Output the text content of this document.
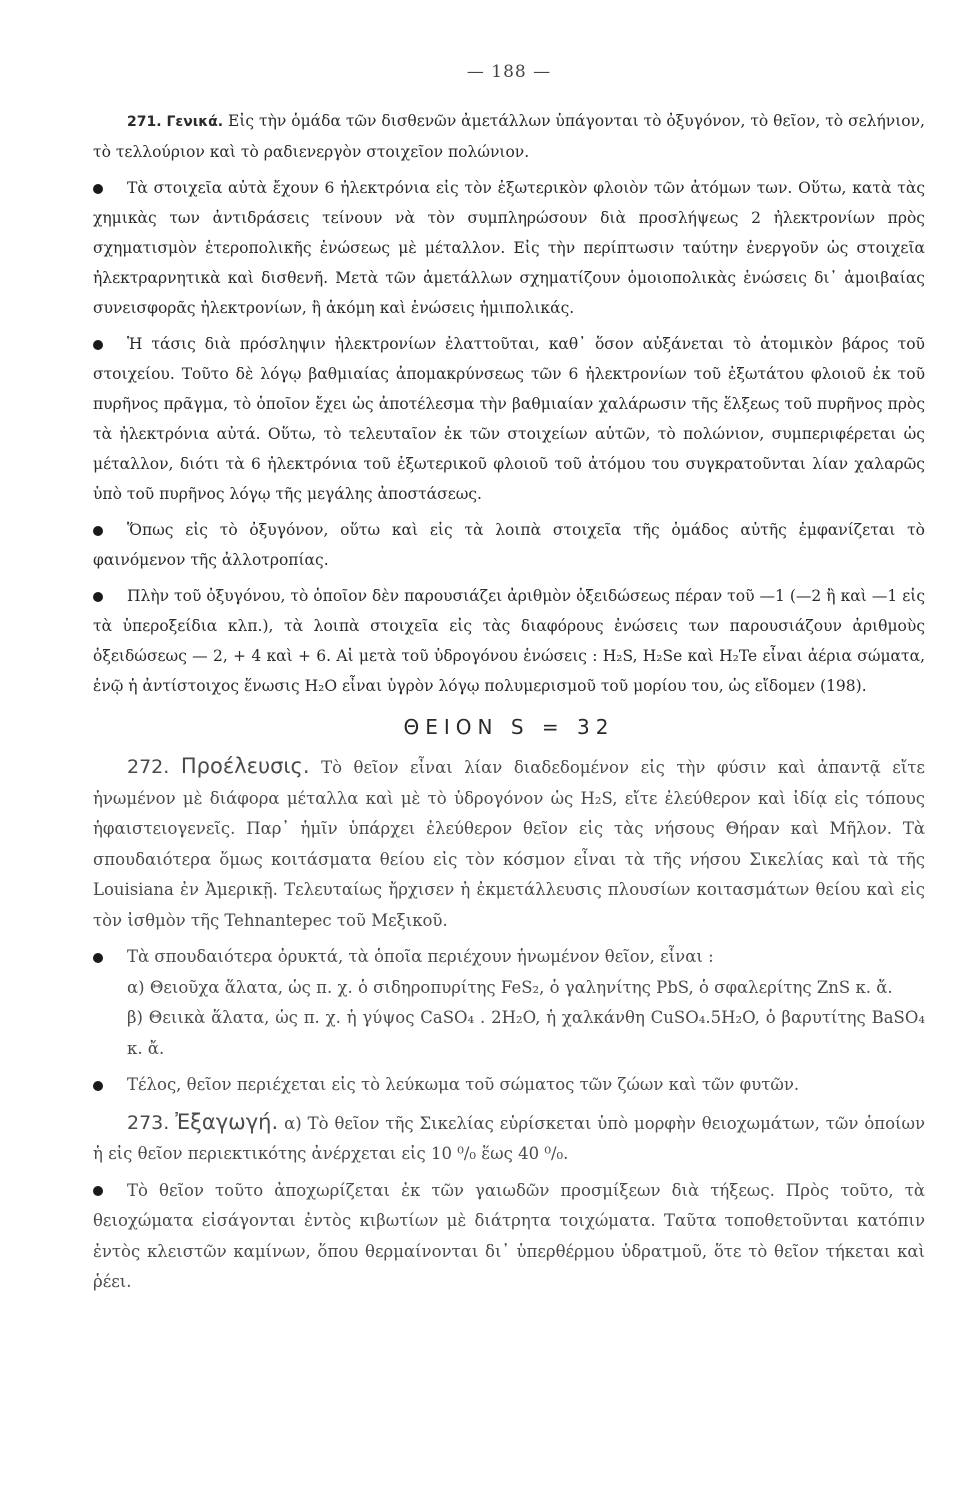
— 188 —

271. Γενικά. Εἰς τὴν ὁμάδα τῶν δισθενῶν ἀμετάλλων ὑπάγονται τὸ ὀξυγόνον, τὸ θεῖον, τὸ σελήνιον, τὸ τελλούριον καὶ τὸ ραδιενεργὸν στοιχεῖον πολώνιον.

Τὰ στοιχεῖα αὐτὰ ἔχουν 6 ἠλεκτρόνια εἰς τὸν ἐξωτερικὸν φλοιὸν τῶν ἀτόμων των. Οὕτω, κατὰ τὰς χημικὰς των ἀντιδράσεις τείνουν νὰ τὸν συμπληρώσουν διὰ προσλήψεως 2 ἠλεκτρονίων πρὸς σχηματισμὸν ἑτεροπολικῆς ἑνώσεως μὲ μέταλλον. Εἰς τὴν περίπτωσιν ταύτην ἐνεργοῦν ὡς στοιχεῖα ἠλεκτραρνητικὰ καὶ δισθενῆ. Μετὰ τῶν ἀμετάλλων σχηματίζουν ὁμοιοπολικὰς ἑνώσεις δι᾽ ἀμοιβαίας συνεισφορᾶς ἠλεκτρονίων, ἢ ἀκόμη καὶ ἑνώσεις ἡμιπολικάς.

Ἡ τάσις διὰ πρόσληψιν ἠλεκτρονίων ἐλαττοῦται, καθ᾽ ὅσον αὐξάνεται τὸ ἀτομικὸν βάρος τοῦ στοιχείου. Τοῦτο δὲ λόγῳ βαθμιαίας ἀπομακρύνσεως τῶν 6 ἠλεκτρονίων τοῦ ἐξωτάτου φλοιοῦ ἐκ τοῦ πυρῆνος πρᾶγμα, τὸ ὁποῖον ἔχει ὡς ἀποτέλεσμα τὴν βαθμιαίαν χαλάρωσιν τῆς ἕλξεως τοῦ πυρῆνος πρὸς τὰ ἠλεκτρόνια αὐτά. Οὕτω, τὸ τελευταῖον ἐκ τῶν στοιχείων αὐτῶν, τὸ πολώνιον, συμπεριφέρεται ὡς μέταλλον, διότι τὰ 6 ἠλεκτρόνια τοῦ ἐξωτερικοῦ φλοιοῦ τοῦ ἀτόμου του συγκρατοῦνται λίαν χαλαρῶς ὑπὸ τοῦ πυρῆνος λόγῳ τῆς μεγάλης ἀποστάσεως.

Ὅπως εἰς τὸ ὀξυγόνον, οὕτω καὶ εἰς τὰ λοιπὰ στοιχεῖα τῆς ὁμάδος αὐτῆς ἐμφανίζεται τὸ φαινόμενον τῆς ἀλλοτροπίας.

Πλὴν τοῦ ὀξυγόνου, τὸ ὁποῖον δὲν παρουσιάζει ἀριθμὸν ὀξειδώσεως πέραν τοῦ —1 (—2 ἢ καὶ —1 εἰς τὰ ὑπεροξείδια κλπ.), τὰ λοιπὰ στοιχεῖα εἰς τὰς διαφόρους ἑνώσεις των παρουσιάζουν ἀριθμοὺς ὀξειδώσεως — 2, + 4 καὶ + 6. Αἱ μετὰ τοῦ ὑδρογόνου ἑνώσεις : H₂S, H₂Se καὶ H₂Te εἶναι ἀέρια σώματα, ἐνῷ ἡ ἀντίστοιχος ἕνωσις H₂O εἶναι ὑγρὸν λόγῳ πολυμερισμοῦ τοῦ μορίου του, ὡς εἴδομεν (198).

ΘΕΙΟΝ S = 32

272. Προέλευσις. Τὸ θεῖον εἶναι λίαν διαδεδομένον εἰς τὴν φύσιν καὶ ἀπαντᾷ εἴτε ἡνωμένον μὲ διάφορα μέταλλα καὶ μὲ τὸ ὑδρογόνον ὡς H₂S, εἴτε ἐλεύθερον καὶ ἰδίᾳ εἰς τόπους ἡφαιστειογενεῖς. Παρ᾽ ἡμῖν ὑπάρχει ἐλεύθερον θεῖον εἰς τὰς νήσους Θήραν καὶ Μῆλον. Τὰ σπουδαιότερα ὅμως κοιτάσματα θείου εἰς τὸν κόσμον εἶναι τὰ τῆς νήσου Σικελίας καὶ τὰ τῆς Louisiana ἐν Ἀμερικῇ. Τελευταίως ἤρχισεν ἡ ἐκμετάλλευσις πλουσίων κοιτασμάτων θείου καὶ εἰς τὸν ἰσθμὸν τῆς Tehnantepec τοῦ Μεξικοῦ.

Τὰ σπουδαιότερα ὀρυκτά, τὰ ὁποῖα περιέχουν ἡνωμένον θεῖον, εἶναι :

α) Θειοῦχα ἅλατα, ὡς π. χ. ὁ σιδηροπυρίτης FeS₂, ὁ γαληνίτης PbS, ὁ σφαλερίτης ZnS κ. ἄ.

β) Θειικὰ ἅλατα, ὡς π. χ. ἡ γύψος CaSO₄ . 2H₂O, ἡ χαλκάνθη CuSO₄.5H₂O, ὁ βαρυτίτης BaSO₄ κ. ἄ.

Τέλος, θεῖον περιέχεται εἰς τὸ λεύκωμα τοῦ σώματος τῶν ζώων καὶ τῶν φυτῶν.

273. Ἐξαγωγή. α) Τὸ θεῖον τῆς Σικελίας εὑρίσκεται ὑπὸ μορφὴν θειοχωμάτων, τῶν ὁποίων ἡ εἰς θεῖον περιεκτικότης ἀνέρχεται εἰς 10 ⁰/₀ ἕως 40 ⁰/₀.

Τὸ θεῖον τοῦτο ἀποχωρίζεται ἐκ τῶν γαιωδῶν προσμίξεων διὰ τήξεως. Πρὸς τοῦτο, τὰ θειοχώματα εἰσάγονται ἐντὸς κιβωτίων μὲ διάτρητα τοιχώματα. Ταῦτα τοποθετοῦνται κατόπιν ἐντὸς κλειστῶν καμίνων, ὅπου θερμαίνονται δι᾽ ὑπερθέρμου ὑδρατμοῦ, ὅτε τὸ θεῖον τήκεται καὶ ῥέει.
